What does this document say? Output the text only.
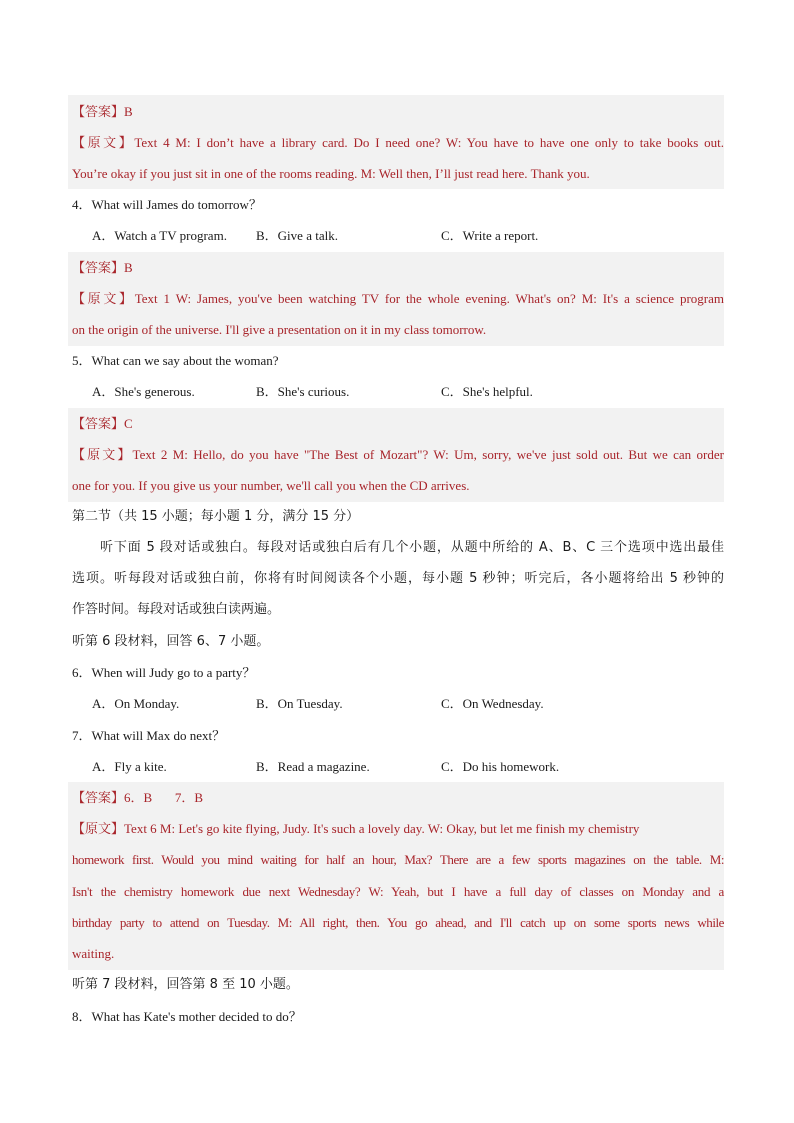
【答案】B
【原文】Text 4 M: I don’t have a library card. Do I need one? W: You have to have one only to take books out.
You’re okay if you just sit in one of the rooms reading. M: Well then, I’ll just read here. Thank you.
4．What will James do tomorrow？
A．Watch a TV program. B．Give a talk.	C．Write a report.
【答案】B
【原文】Text 1 W: James, you've been watching TV for the whole evening. What's on? M: It's a science program
on the origin of the universe. I'll give a presentation on it in my class tomorrow.
5．What can we say about the woman?
A．She's generous.	B．She's curious.	C．She's helpful.
【答案】C
【原文】Text 2 M: Hello, do you have "The Best of Mozart"? W: Um, sorry, we've just sold out. But we can order
one for you. If you give us your number, we'll call you when the CD arrives.
第二节（共 15 小题；每小题 1 分，满分 15 分）
听下面 5 段对话或独白。每段对话或独白后有几个小题，从题中所给的 A、B、C 三个选项中选出最佳
选项。听每段对话或独白前，你将有时间阅读各个小题，每小题 5 秒钟；听完后，各小题将给出 5 秒钟的
作答时间。每段对话或独白读两遍。
听第 6 段材料，回答 6、7 小题。
6．When will Judy go to a party？
A．On Monday.	B．On Tuesday.	C．On Wednesday.
7．What will Max do next？
A．Fly a kite.	B．Read a magazine.	C．Do his homework.
【答案】6．B       7．B
【原文】Text 6 M: Let's go kite flying, Judy. It's such a lovely day. W: Okay, but let me finish my chemistry
homework first. Would you mind waiting for half an hour, Max? There are a few sports magazines on the table. M:
Isn't the chemistry homework due next Wednesday? W: Yeah, but I have a full day of classes on Monday and a
birthday party to attend on Tuesday. M: All right, then. You go ahead, and I'll catch up on some sports news while
waiting.
听第 7 段材料，回答第 8 至 10 小题。
8．What has Kate's mother decided to do？
